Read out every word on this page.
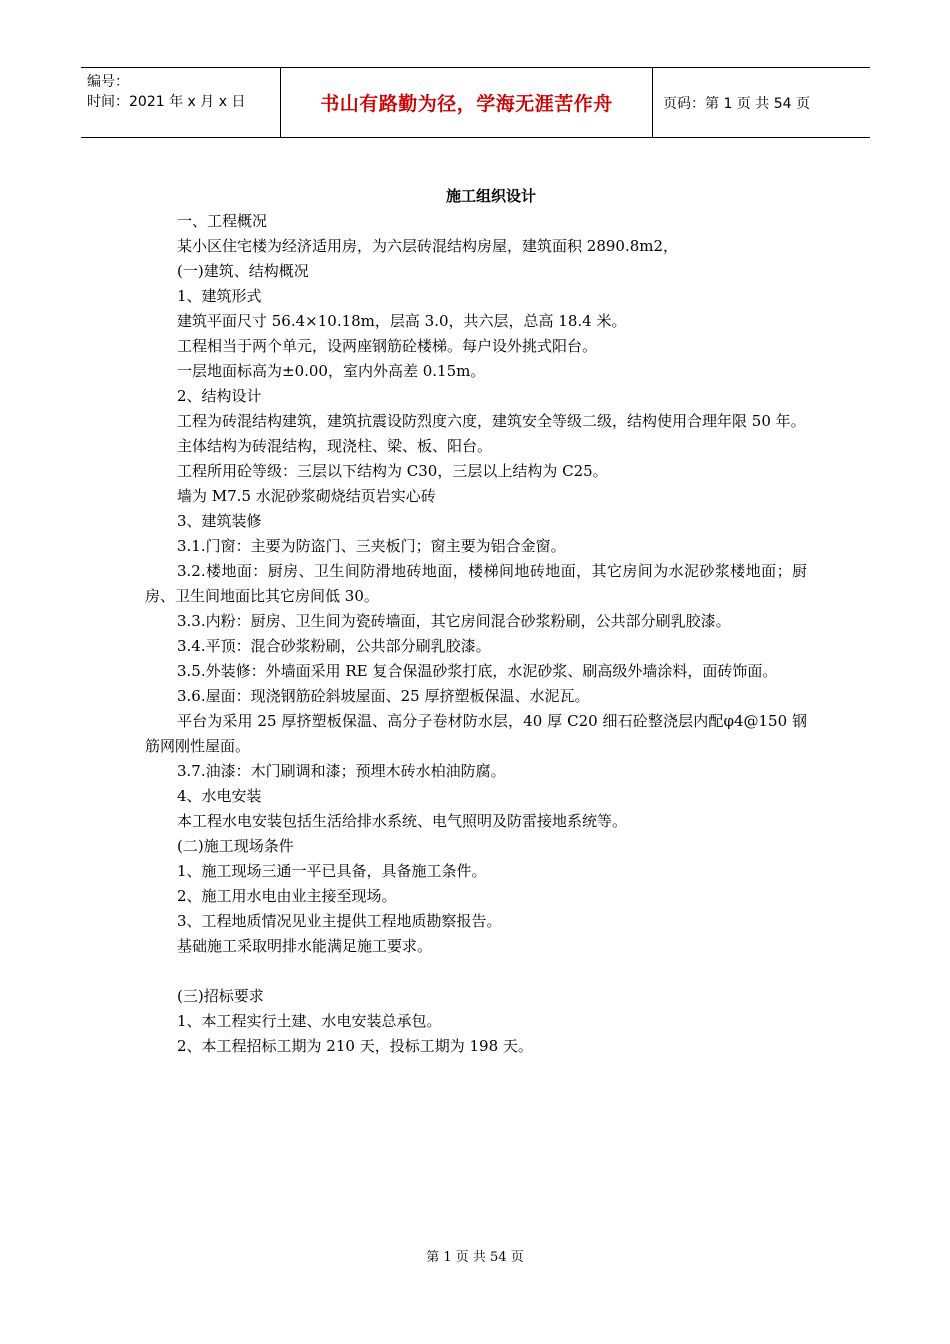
编号：
时间：2021 年 x 月 x 日	书山有路勤为径，学海无涯苦作舟	页码：第 1 页 共 54 页
施工组织设计

一、工程概况

某小区住宅楼为经济适用房，为六层砖混结构房屋，建筑面积 2890.8m2，

(一)建筑、结构概况

1、建筑形式

建筑平面尺寸 56.4×10.18m，层高 3.0，共六层，总高 18.4 米。

工程相当于两个单元，设两座钢筋砼楼梯。每户设外挑式阳台。

一层地面标高为±0.00，室内外高差 0.15m。

2、结构设计

工程为砖混结构建筑，建筑抗震设防烈度六度，建筑安全等级二级，结构使用合理年限 50 年。

主体结构为砖混结构，现浇柱、梁、板、阳台。

工程所用砼等级：三层以下结构为 C30，三层以上结构为 C25。

墙为 M7.5 水泥砂浆砌烧结页岩实心砖

3、建筑装修

3.1.门窗：主要为防盗门、三夹板门；窗主要为铝合金窗。

3.2.楼地面：厨房、卫生间防滑地砖地面，楼梯间地砖地面，其它房间为水泥砂浆楼地面；厨房、卫生间地面比其它房间低 30。

3.3.内粉：厨房、卫生间为瓷砖墙面，其它房间混合砂浆粉刷，公共部分刷乳胶漆。

3.4.平顶：混合砂浆粉刷，公共部分刷乳胶漆。

3.5.外装修：外墙面采用 RE 复合保温砂浆打底，水泥砂浆、刷高级外墙涂料，面砖饰面。

3.6.屋面：现浇钢筋砼斜坡屋面、25 厚挤塑板保温、水泥瓦。

平台为采用 25 厚挤塑板保温、高分子卷材防水层，40 厚 C20 细石砼整浇层内配φ4@150 钢筋网刚性屋面。

3.7.油漆：木门刷调和漆；预埋木砖水柏油防腐。

4、水电安装

本工程水电安装包括生活给排水系统、电气照明及防雷接地系统等。

(二)施工现场条件

1、施工现场三通一平已具备，具备施工条件。

2、施工用水电由业主接至现场。

3、工程地质情况见业主提供工程地质勘察报告。

基础施工采取明排水能满足施工要求。

(三)招标要求

1、本工程实行土建、水电安装总承包。

2、本工程招标工期为 210 天，投标工期为 198 天。

第 1 页 共 54 页
